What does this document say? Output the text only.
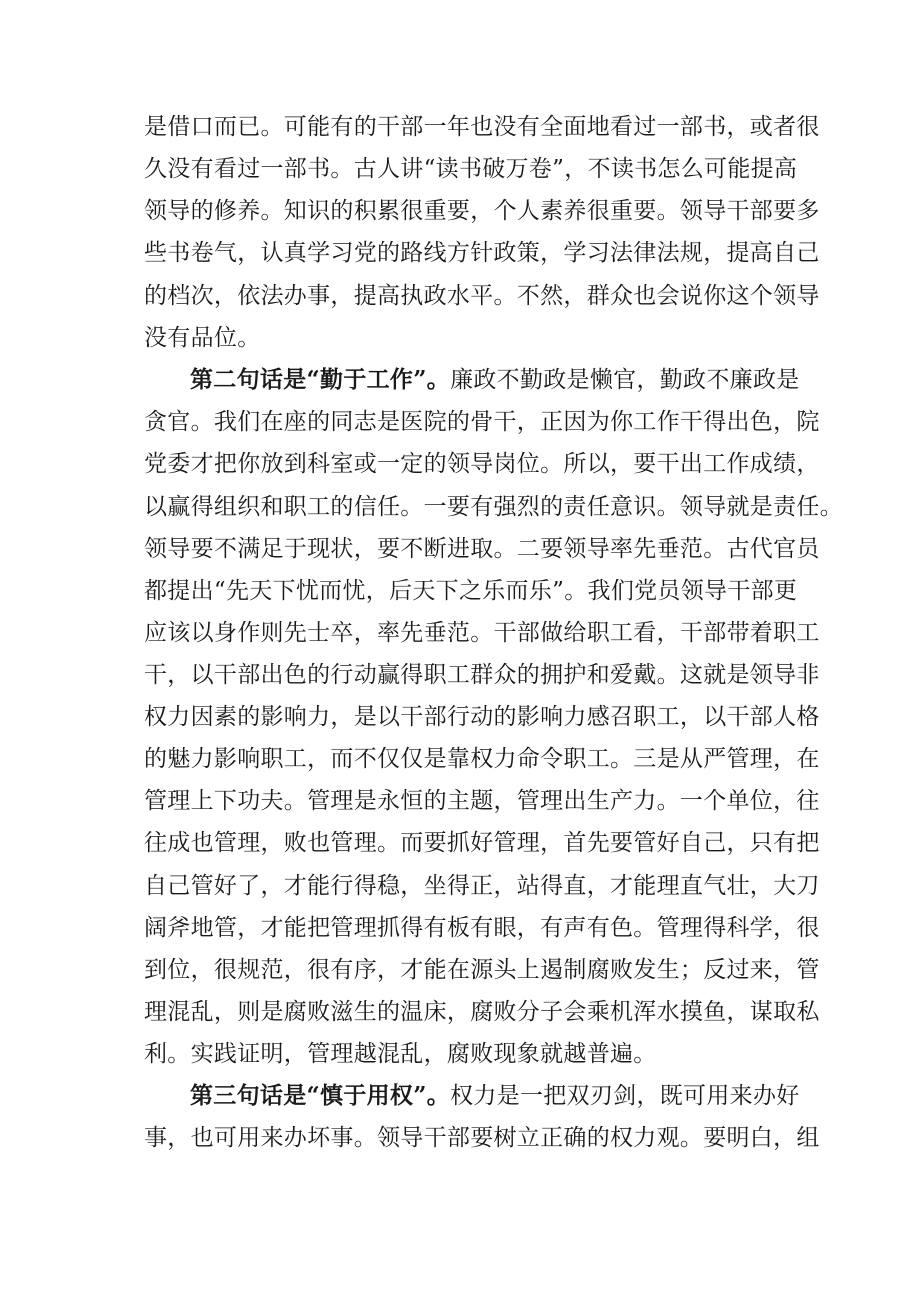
是借口而已。可能有的干部一年也没有全面地看过一部书，或者很
久没有看过一部书。古人讲“读书破万卷”，不读书怎么可能提高
领导的修养。知识的积累很重要，个人素养很重要。领导干部要多
些书卷气，认真学习党的路线方针政策，学习法律法规，提高自己
的档次，依法办事，提高执政水平。不然，群众也会说你这个领导
没有品位。
第二句话是“勤于工作”。廉政不勤政是懒官，勤政不廉政是
贪官。我们在座的同志是医院的骨干，正因为你工作干得出色，院
党委才把你放到科室或一定的领导岗位。所以，要干出工作成绩，
以赢得组织和职工的信任。一要有强烈的责任意识。领导就是责任。
领导要不满足于现状，要不断进取。二要领导率先垂范。古代官员
都提出“先天下忧而忧，后天下之乐而乐”。我们党员领导干部更
应该以身作则先士卒，率先垂范。干部做给职工看，干部带着职工
干，以干部出色的行动赢得职工群众的拥护和爱戴。这就是领导非
权力因素的影响力，是以干部行动的影响力感召职工，以干部人格
的魅力影响职工，而不仅仅是靠权力命令职工。三是从严管理，在
管理上下功夫。管理是永恒的主题，管理出生产力。一个单位，往
往成也管理，败也管理。而要抓好管理，首先要管好自己，只有把
自己管好了，才能行得稳，坐得正，站得直，才能理直气壮，大刀
阔斧地管，才能把管理抓得有板有眼，有声有色。管理得科学，很
到位，很规范，很有序，才能在源头上遏制腐败发生；反过来，管
理混乱，则是腐败滋生的温床，腐败分子会乘机浑水摸鱼，谋取私
利。实践证明，管理越混乱，腐败现象就越普遍。
第三句话是“慎于用权”。权力是一把双刃剑，既可用来办好
事，也可用来办坏事。领导干部要树立正确的权力观。要明白，组
